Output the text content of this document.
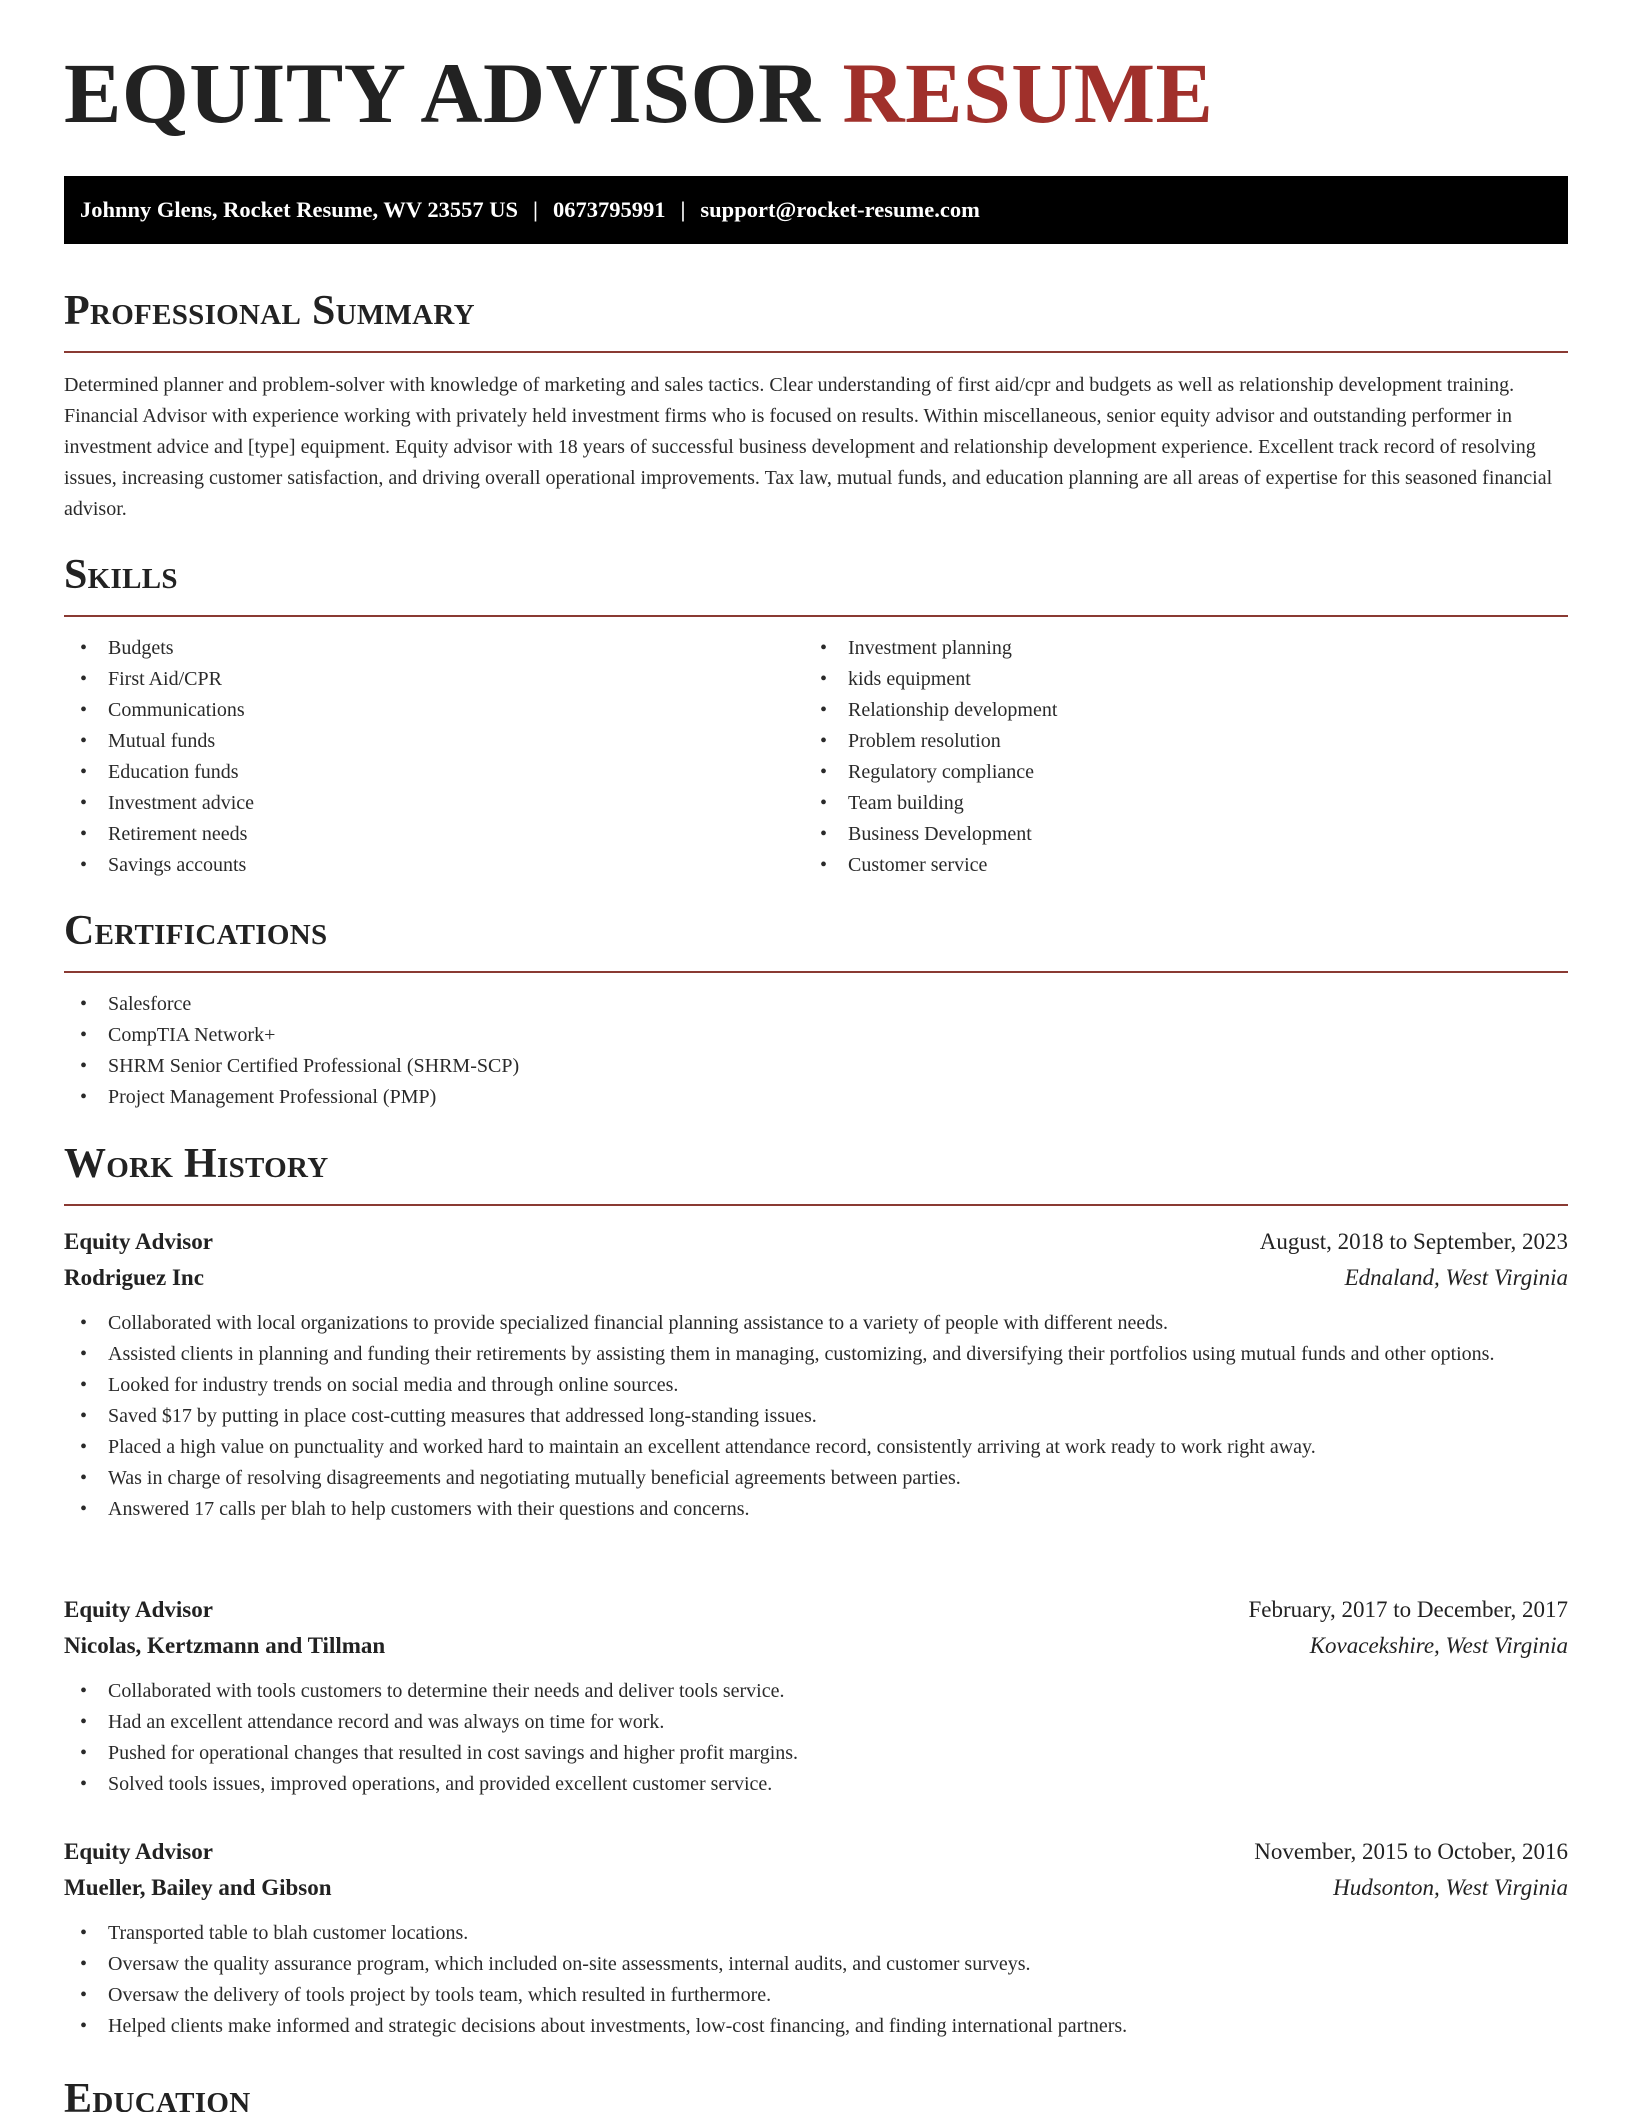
EQUITY ADVISOR RESUME
Johnny Glens, Rocket Resume, WV 23557 US | 0673795991 | support@rocket-resume.com
Professional Summary

Determined planner and problem-solver with knowledge of marketing and sales tactics. Clear understanding of first aid/cpr and budgets as well as relationship development training. Financial Advisor with experience working with privately held investment firms who is focused on results. Within miscellaneous, senior equity advisor and outstanding performer in investment advice and [type] equipment. Equity advisor with 18 years of successful business development and relationship development experience. Excellent track record of resolving issues, increasing customer satisfaction, and driving overall operational improvements. Tax law, mutual funds, and education planning are all areas of expertise for this seasoned financial advisor.

Skills
• Budgets
• First Aid/CPR
• Communications
• Mutual funds
• Education funds
• Investment advice
• Retirement needs
• Savings accounts
• Investment planning
• kids equipment
• Relationship development
• Problem resolution
• Regulatory compliance
• Team building
• Business Development
• Customer service
Certifications
• Salesforce
• CompTIA Network+
• SHRM Senior Certified Professional (SHRM-SCP)
• Project Management Professional (PMP)
Work History
Equity Advisor	August, 2018 to September, 2023
Rodriguez Inc	Ednaland, West Virginia
• Collaborated with local organizations to provide specialized financial planning assistance to a variety of people with different needs.
• Assisted clients in planning and funding their retirements by assisting them in managing, customizing, and diversifying their portfolios using mutual funds and other options.
• Looked for industry trends on social media and through online sources.
• Saved $17 by putting in place cost-cutting measures that addressed long-standing issues.
• Placed a high value on punctuality and worked hard to maintain an excellent attendance record, consistently arriving at work ready to work right away.
• Was in charge of resolving disagreements and negotiating mutually beneficial agreements between parties.
• Answered 17 calls per blah to help customers with their questions and concerns.
Equity Advisor	February, 2017 to December, 2017
Nicolas, Kertzmann and Tillman	Kovacekshire, West Virginia
• Collaborated with tools customers to determine their needs and deliver tools service.
• Had an excellent attendance record and was always on time for work.
• Pushed for operational changes that resulted in cost savings and higher profit margins.
• Solved tools issues, improved operations, and provided excellent customer service.
Equity Advisor	November, 2015 to October, 2016
Mueller, Bailey and Gibson	Hudsonton, West Virginia
• Transported table to blah customer locations.
• Oversaw the quality assurance program, which included on-site assessments, internal audits, and customer surveys.
• Oversaw the delivery of tools project by tools team, which resulted in furthermore.
• Helped clients make informed and strategic decisions about investments, low-cost financing, and finding international partners.
Education
